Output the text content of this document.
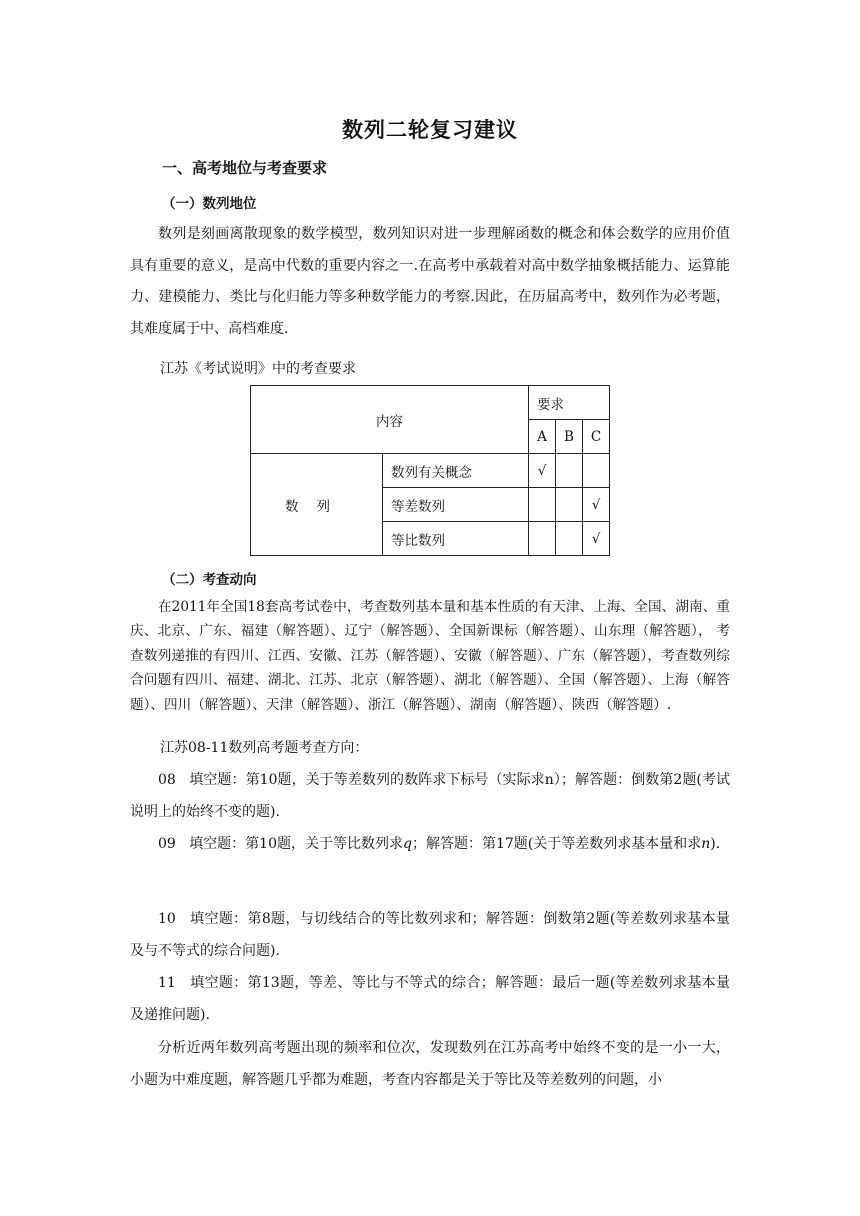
数列二轮复习建议
一、高考地位与考查要求
（一）数列地位

数列是刻画离散现象的数学模型，数列知识对进一步理解函数的概念和体会数学的应用价值具有重要的意义，是高中代数的重要内容之一.在高考中承载着对高中数学抽象概括能力、运算能力、建模能力、类比与化归能力等多种数学能力的考察.因此，在历届高考中，数列作为必考题，其难度属于中、高档难度.

江苏《考试说明》中的考查要求
内容		要求		
		A	B	C
数列	数列有关概念	√		
	等差数列			√
	等比数列			√
（二）考查动向

在2011年全国18套高考试卷中，考查数列基本量和基本性质的有天津、上海、全国、湖南、重庆、北京、广东、福建（解答题）、辽宁（解答题）、全国新课标（解答题）、山东理（解答题）， 考查数列递推的有四川、江西、安徽、江苏（解答题）、安徽（解答题）、广东（解答题），考查数列综合问题有四川、福建、湖北、江苏、北京（解答题）、湖北（解答题）、全国（解答题）、上海（解答题）、四川（解答题）、天津（解答题）、浙江（解答题）、湖南（解答题）、陕西（解答题）.

江苏08-11数列高考题考查方向：

08 填空题：第10题，关于等差数列的数阵求下标号（实际求n）；解答题：倒数第2题(考试说明上的始终不变的题).

09 填空题：第10题，关于等比数列求q；解答题：第17题(关于等差数列求基本量和求n).

10 填空题：第8题，与切线结合的等比数列求和；解答题：倒数第2题(等差数列求基本量及与不等式的综合问题).

11 填空题：第13题，等差、等比与不等式的综合；解答题：最后一题(等差数列求基本量及递推问题).

分析近两年数列高考题出现的频率和位次，发现数列在江苏高考中始终不变的是一小一大，小题为中难度题，解答题几乎都为难题，考查内容都是关于等比及等差数列的问题，小
